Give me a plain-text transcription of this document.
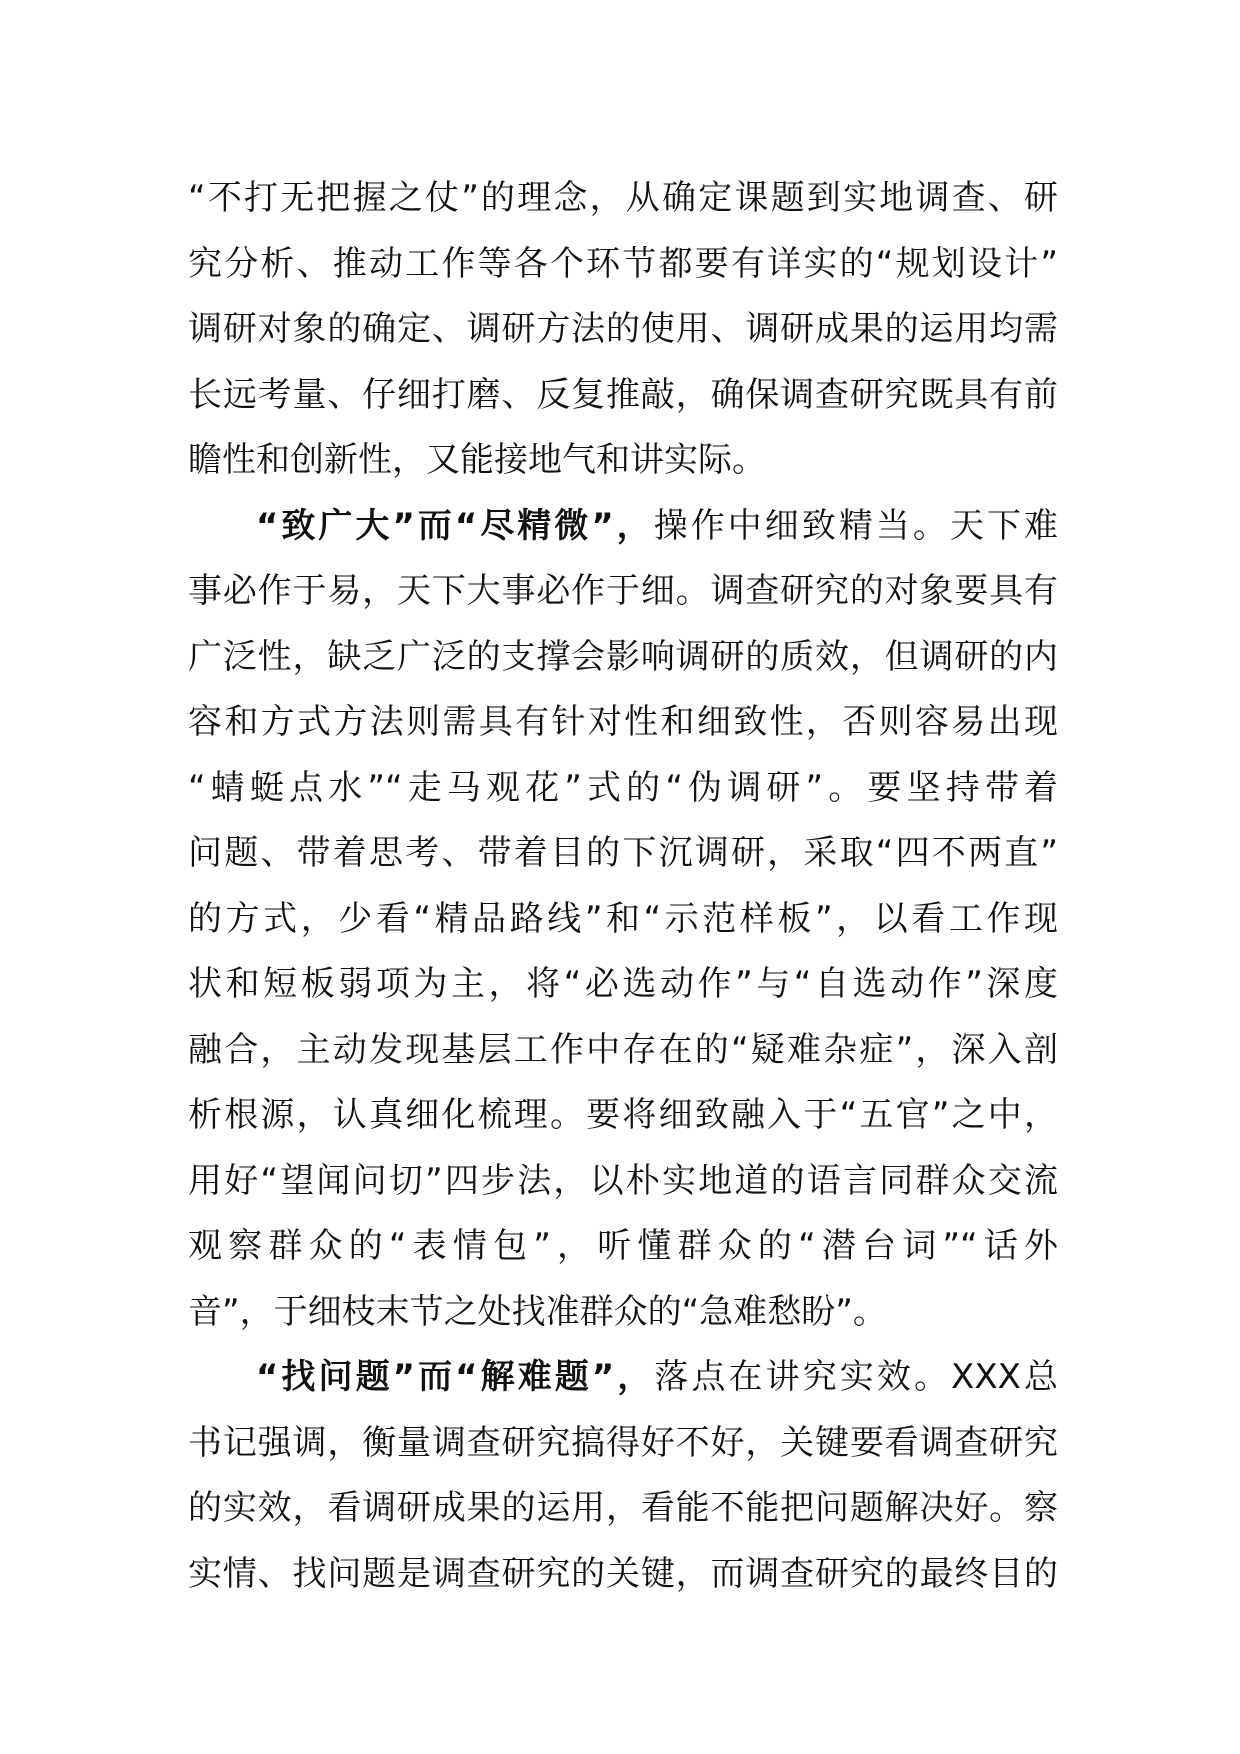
“不打无把握之仗”的理念，从确定课题到实地调查、研
究分析、推动工作等各个环节都要有详实的“规划设计”
调研对象的确定、调研方法的使用、调研成果的运用均需
长远考量、仔细打磨、反复推敲，确保调查研究既具有前
瞻性和创新性，又能接地气和讲实际。
“致广大”而“尽精微”，操作中细致精当。天下难
事必作于易，天下大事必作于细。调查研究的对象要具有
广泛性，缺乏广泛的支撑会影响调研的质效，但调研的内
容和方式方法则需具有针对性和细致性，否则容易出现
“蜻蜓点水”“走马观花”式的“伪调研”。要坚持带着
问题、带着思考、带着目的下沉调研，采取“四不两直”
的方式，少看“精品路线”和“示范样板”，以看工作现
状和短板弱项为主，将“必选动作”与“自选动作”深度
融合，主动发现基层工作中存在的“疑难杂症”，深入剖
析根源，认真细化梳理。要将细致融入于“五官”之中，
用好“望闻问切”四步法，以朴实地道的语言同群众交流
观察群众的“表情包”，听懂群众的“潜台词”“话外
音”，于细枝末节之处找准群众的“急难愁盼”。
“找问题”而“解难题”，落点在讲究实效。XXX总
书记强调，衡量调查研究搞得好不好，关键要看调查研究
的实效，看调研成果的运用，看能不能把问题解决好。察
实情、找问题是调查研究的关键，而调查研究的最终目的
